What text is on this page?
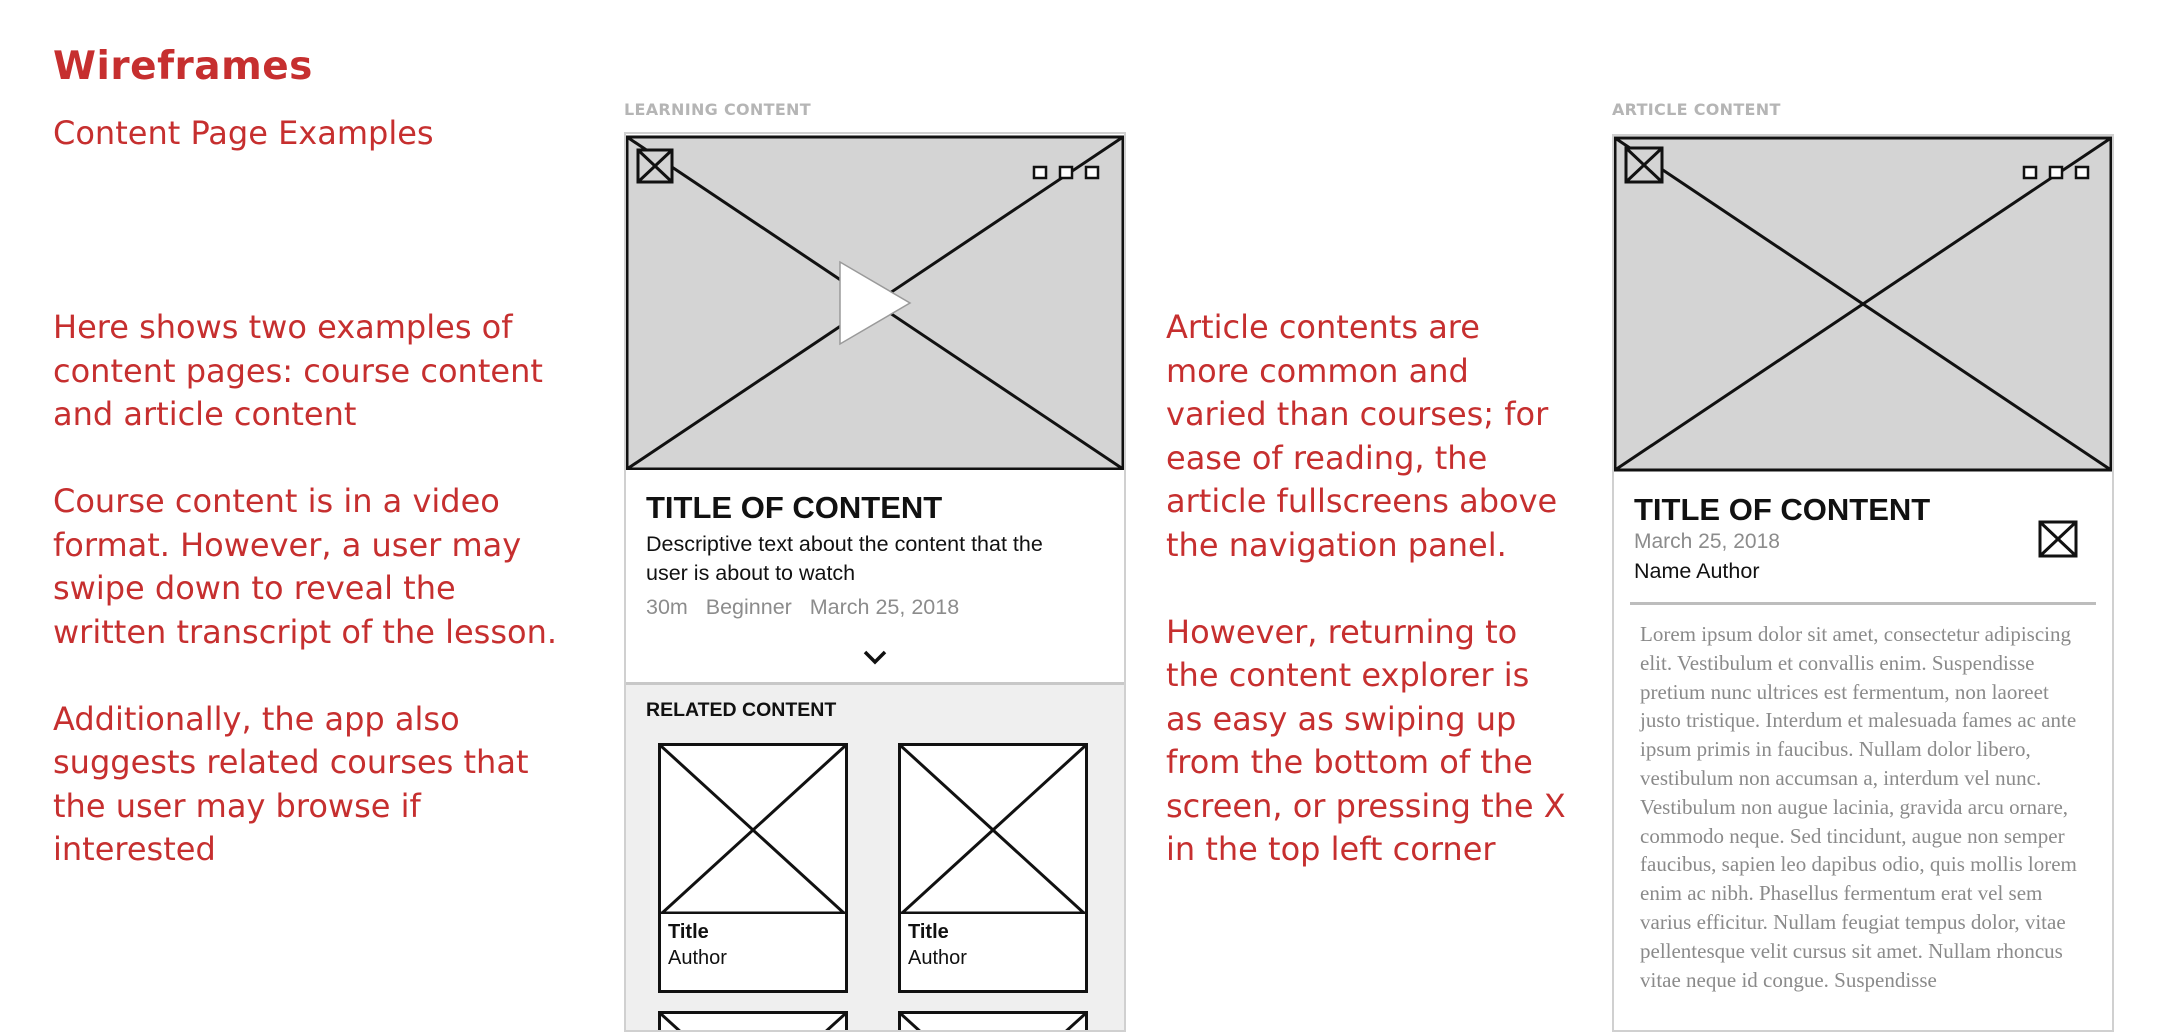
Wireframes
Content Page Examples

Here shows two examples of content pages: course content and article content

Course content is in a video format. However, a user may swipe down to reveal the written transcript of the lesson.

Additionally, the app also suggests related courses that the user may browse if interested

LEARNING CONTENT
TITLE OF CONTENT
Descriptive text about the content that the user is about to watch
30m Beginner March 25, 2018
RELATED CONTENT
Title
Author
Title
Author

Article contents are more common and varied than courses; for ease of reading, the article fullscreens above the navigation panel.

However, returning to the content explorer is as easy as swiping up from the bottom of the screen, or pressing the X in the top left corner

ARTICLE CONTENT
TITLE OF CONTENT
March 25, 2018
Name Author

Lorem ipsum dolor sit amet, consectetur adipiscing elit. Vestibulum et convallis enim. Suspendisse pretium nunc ultrices est fermentum, non laoreet justo tristique. Interdum et malesuada fames ac ante ipsum primis in faucibus. Nullam dolor libero, vestibulum non accumsan a, interdum vel nunc. Vestibulum non augue lacinia, gravida arcu ornare, commodo neque. Sed tincidunt, augue non semper faucibus, sapien leo dapibus odio, quis mollis lorem enim ac nibh. Phasellus fermentum erat vel sem varius efficitur. Nullam feugiat tempus dolor, vitae pellentesque velit cursus sit amet. Nullam rhoncus vitae neque id congue. Suspendisse
